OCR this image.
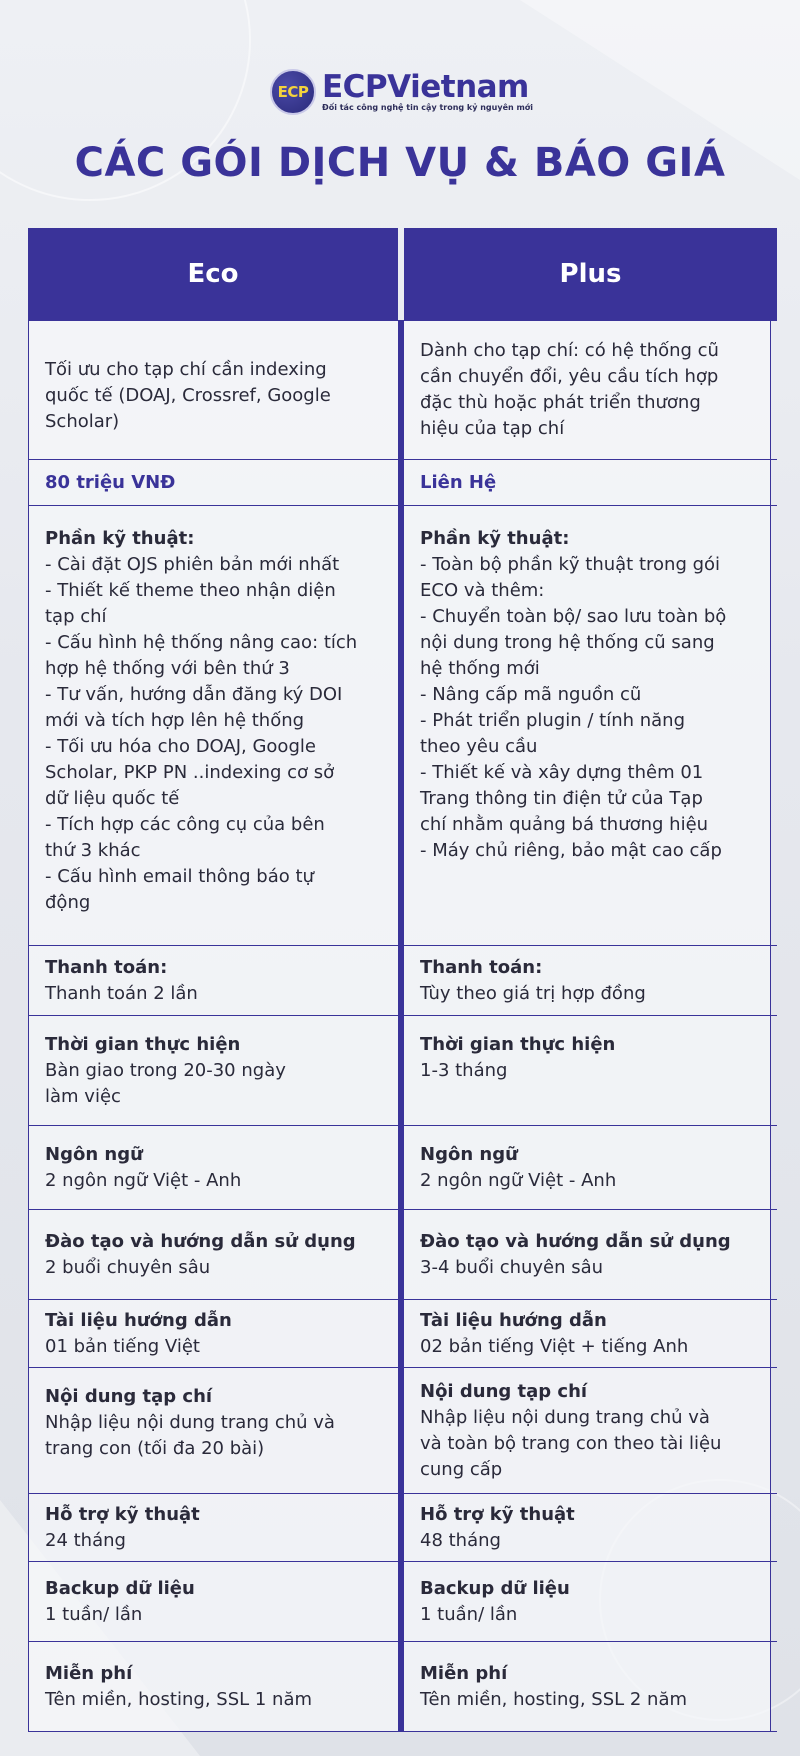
ECP ECPVietnam
Đối tác công nghệ tin cậy trong kỷ nguyên mới
CÁC GÓI DỊCH VỤ & BÁO GIÁ
Eco	Plus
Tối ưu cho tạp chí cần indexing
quốc tế (DOAJ, Crossref, Google
Scholar)
Dành cho tạp chí: có hệ thống cũ
cần chuyển đổi, yêu cầu tích hợp
đặc thù hoặc phát triển thương
hiệu của tạp chí
80 triệu VNĐ	Liên Hệ
Phần kỹ thuật:
- Cài đặt OJS phiên bản mới nhất
- Thiết kế theme theo nhận diện
tạp chí
- Cấu hình hệ thống nâng cao: tích
hợp hệ thống với bên thứ 3
- Tư vấn, hướng dẫn đăng ký DOI
mới và tích hợp lên hệ thống
- Tối ưu hóa cho DOAJ, Google
Scholar, PKP PN ..indexing cơ sở
dữ liệu quốc tế
- Tích hợp các công cụ của bên
thứ 3 khác
- Cấu hình email thông báo tự
động
Phần kỹ thuật:
- Toàn bộ phần kỹ thuật trong gói
ECO và thêm:
- Chuyển toàn bộ/ sao lưu toàn bộ
nội dung trong hệ thống cũ sang
hệ thống mới
- Nâng cấp mã nguồn cũ
- Phát triển plugin / tính năng
theo yêu cầu
- Thiết kế và xây dựng thêm 01
Trang thông tin điện tử của Tạp
chí nhằm quảng bá thương hiệu
- Máy chủ riêng, bảo mật cao cấp
Thanh toán:
Thanh toán 2 lần
Thanh toán:
Tùy theo giá trị hợp đồng
Thời gian thực hiện
Bàn giao trong 20-30 ngày
làm việc
Thời gian thực hiện
1-3 tháng
Ngôn ngữ
2 ngôn ngữ Việt - Anh
Ngôn ngữ
2 ngôn ngữ Việt - Anh
Đào tạo và hướng dẫn sử dụng
2 buổi chuyên sâu
Đào tạo và hướng dẫn sử dụng
3-4 buổi chuyên sâu
Tài liệu hướng dẫn
01 bản tiếng Việt
Tài liệu hướng dẫn
02 bản tiếng Việt + tiếng Anh
Nội dung tạp chí
Nhập liệu nội dung trang chủ và
trang con (tối đa 20 bài)
Nội dung tạp chí
Nhập liệu nội dung trang chủ và
và toàn bộ trang con theo tài liệu
cung cấp
Hỗ trợ kỹ thuật
24 tháng
Hỗ trợ kỹ thuật
48 tháng
Backup dữ liệu
1 tuần/ lần
Backup dữ liệu
1 tuần/ lần
Miễn phí
Tên miền, hosting, SSL 1 năm
Miễn phí
Tên miền, hosting, SSL 2 năm
